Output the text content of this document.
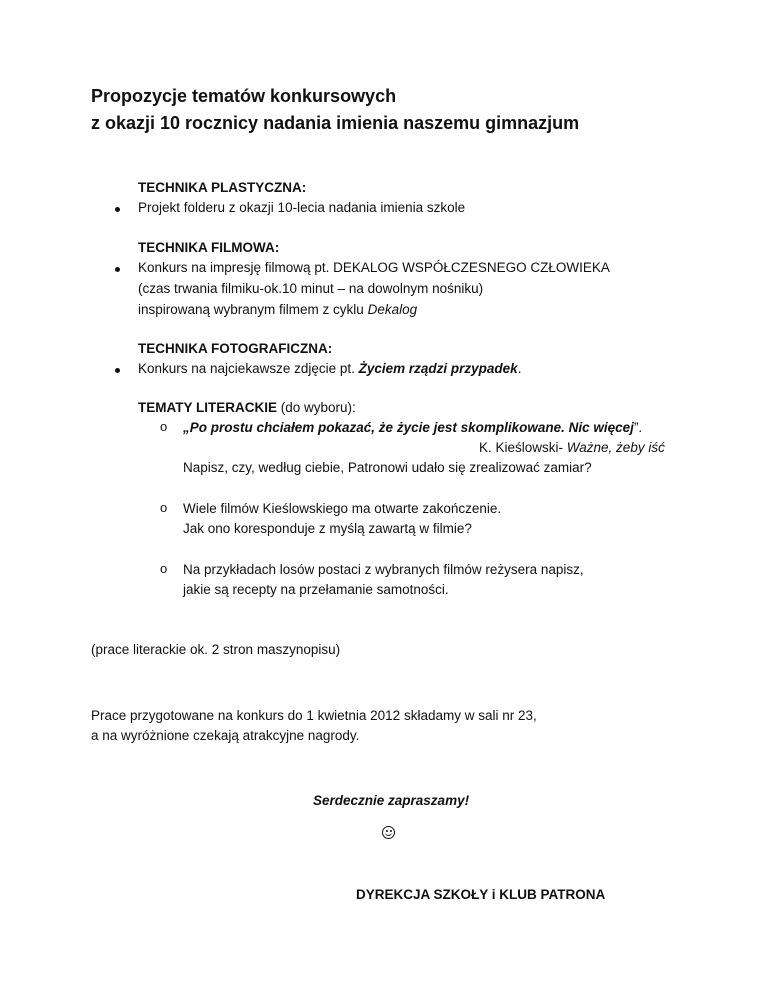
Propozycje tematów konkursowych
z okazji 10 rocznicy nadania imienia naszemu gimnazjum
TECHNIKA PLASTYCZNA:
Projekt folderu z okazji 10-lecia nadania imienia szkole
TECHNIKA FILMOWA:
Konkurs na impresję filmową pt. DEKALOG WSPÓŁCZESNEGO CZŁOWIEKA
(czas trwania filmiku-ok.10 minut – na dowolnym nośniku)
inspirowaną wybranym filmem z cyklu Dekalog
TECHNIKA FOTOGRAFICZNA:
Konkurs na najciekawsze zdjęcie pt. Życiem rządzi przypadek.
TEMATY LITERACKIE (do wyboru):
o „Po prostu chciałem pokazać, że życie jest skomplikowane. Nic więcej”.
K. Kieślowski- Ważne, żeby iść
Napisz, czy, według ciebie, Patronowi udało się zrealizować zamiar?
o Wiele filmów Kieślowskiego ma otwarte zakończenie.
Jak ono koresponduje z myślą zawartą w filmie?
o Na przykładach losów postaci z wybranych filmów reżysera napisz,
jakie są recepty na przełamanie samotności.
(prace literackie ok. 2 stron maszynopisu)
Prace przygotowane na konkurs do 1 kwietnia 2012 składamy w sali nr 23,
a na wyróżnione czekają atrakcyjne nagrody.
Serdecznie zapraszamy!
DYREKCJA SZKOŁY i KLUB PATRONA
